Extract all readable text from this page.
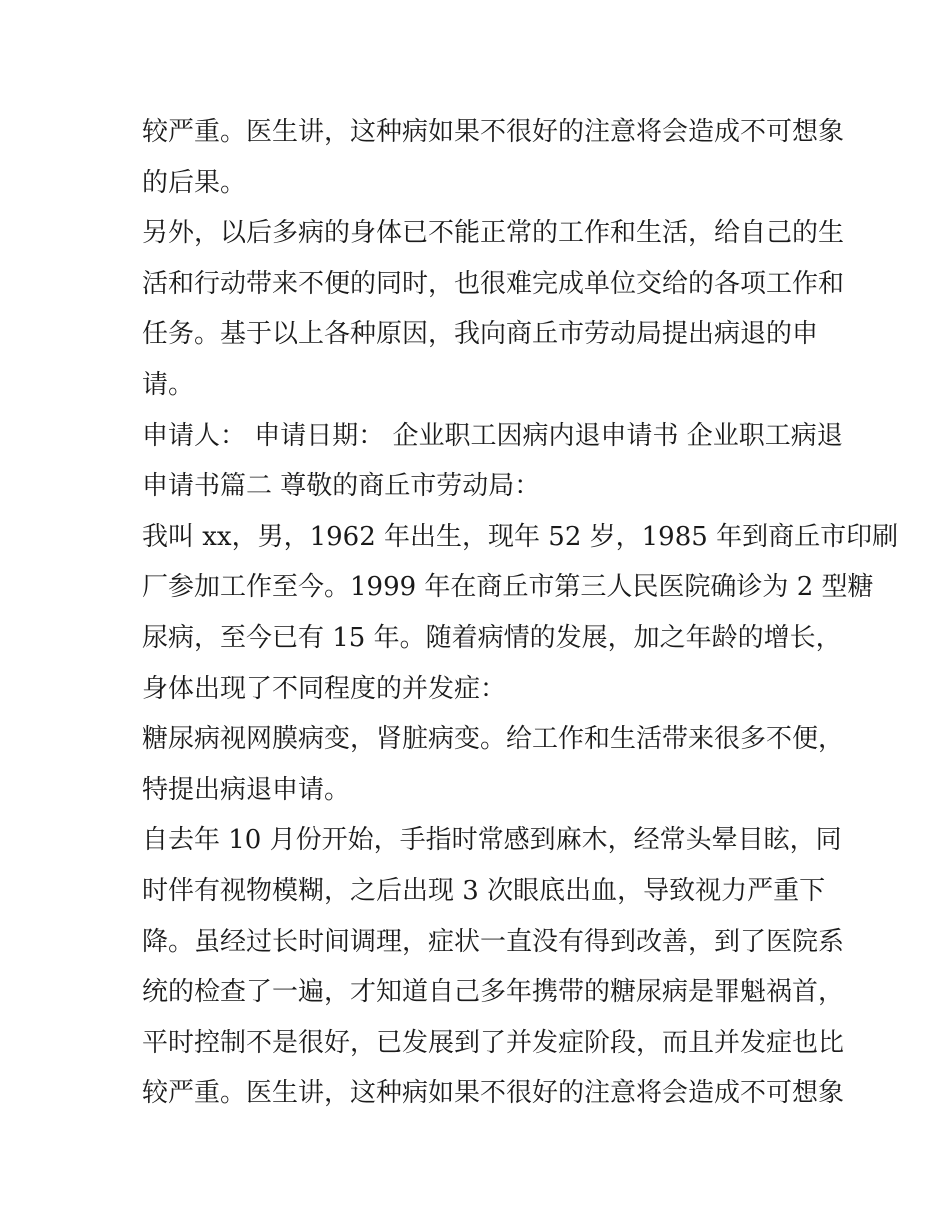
较严重。医生讲，这种病如果不很好的注意将会造成不可想象
的后果。
另外，以后多病的身体已不能正常的工作和生活，给自己的生
活和行动带来不便的同时，也很难完成单位交给的各项工作和
任务。基于以上各种原因，我向商丘市劳动局提出病退的申
请。
申请人： 申请日期： 企业职工因病内退申请书 企业职工病退
申请书篇二 尊敬的商丘市劳动局：
我叫 xx，男，1962 年出生，现年 52 岁，1985 年到商丘市印刷
厂参加工作至今。1999 年在商丘市第三人民医院确诊为 2 型糖
尿病，至今已有 15 年。随着病情的发展，加之年龄的增长，
身体出现了不同程度的并发症：
糖尿病视网膜病变，肾脏病变。给工作和生活带来很多不便，
特提出病退申请。
自去年 10 月份开始，手指时常感到麻木，经常头晕目眩，同
时伴有视物模糊，之后出现 3 次眼底出血，导致视力严重下
降。虽经过长时间调理，症状一直没有得到改善，到了医院系
统的检查了一遍，才知道自己多年携带的糖尿病是罪魁祸首，
平时控制不是很好，已发展到了并发症阶段，而且并发症也比
较严重。医生讲，这种病如果不很好的注意将会造成不可想象
